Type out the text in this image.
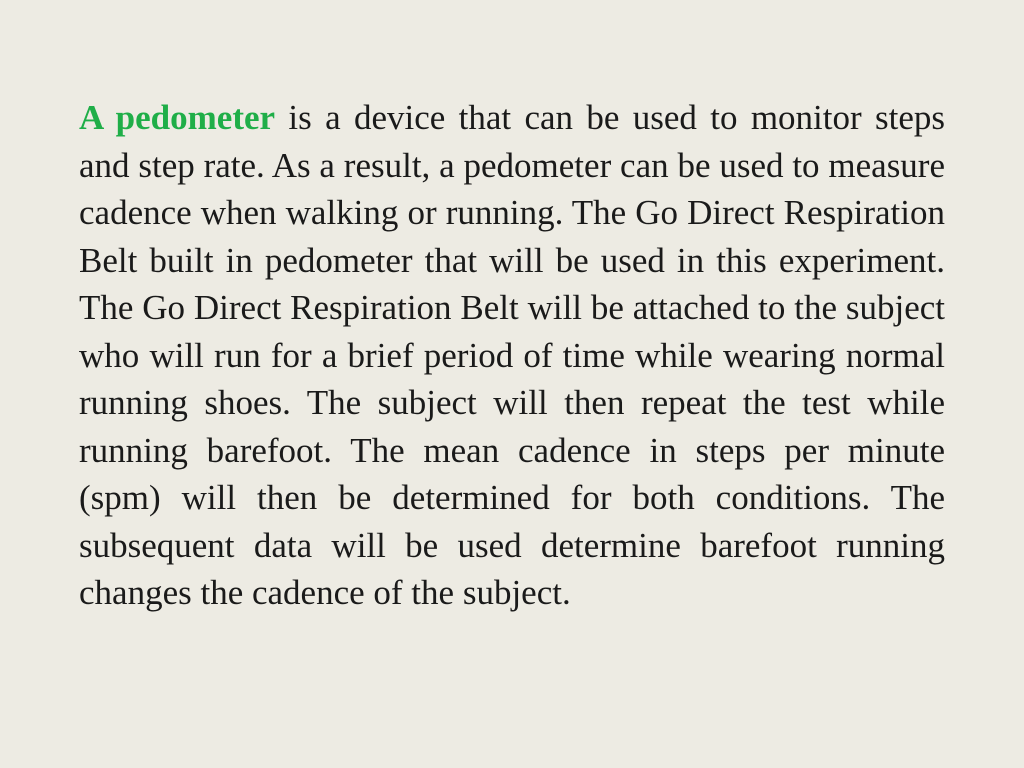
A pedometer is a device that can be used to monitor steps and step rate. As a result, a pedometer can be used to measure cadence when walking or running. The Go Direct Respiration Belt built in pedometer that will be used in this experiment. The Go Direct Respiration Belt will be attached to the subject who will run for a brief period of time while wearing normal running shoes. The subject will then repeat the test while running barefoot. The mean cadence in steps per minute (spm) will then be determined for both conditions. The subsequent data will be used determine barefoot running changes the cadence of the subject.
